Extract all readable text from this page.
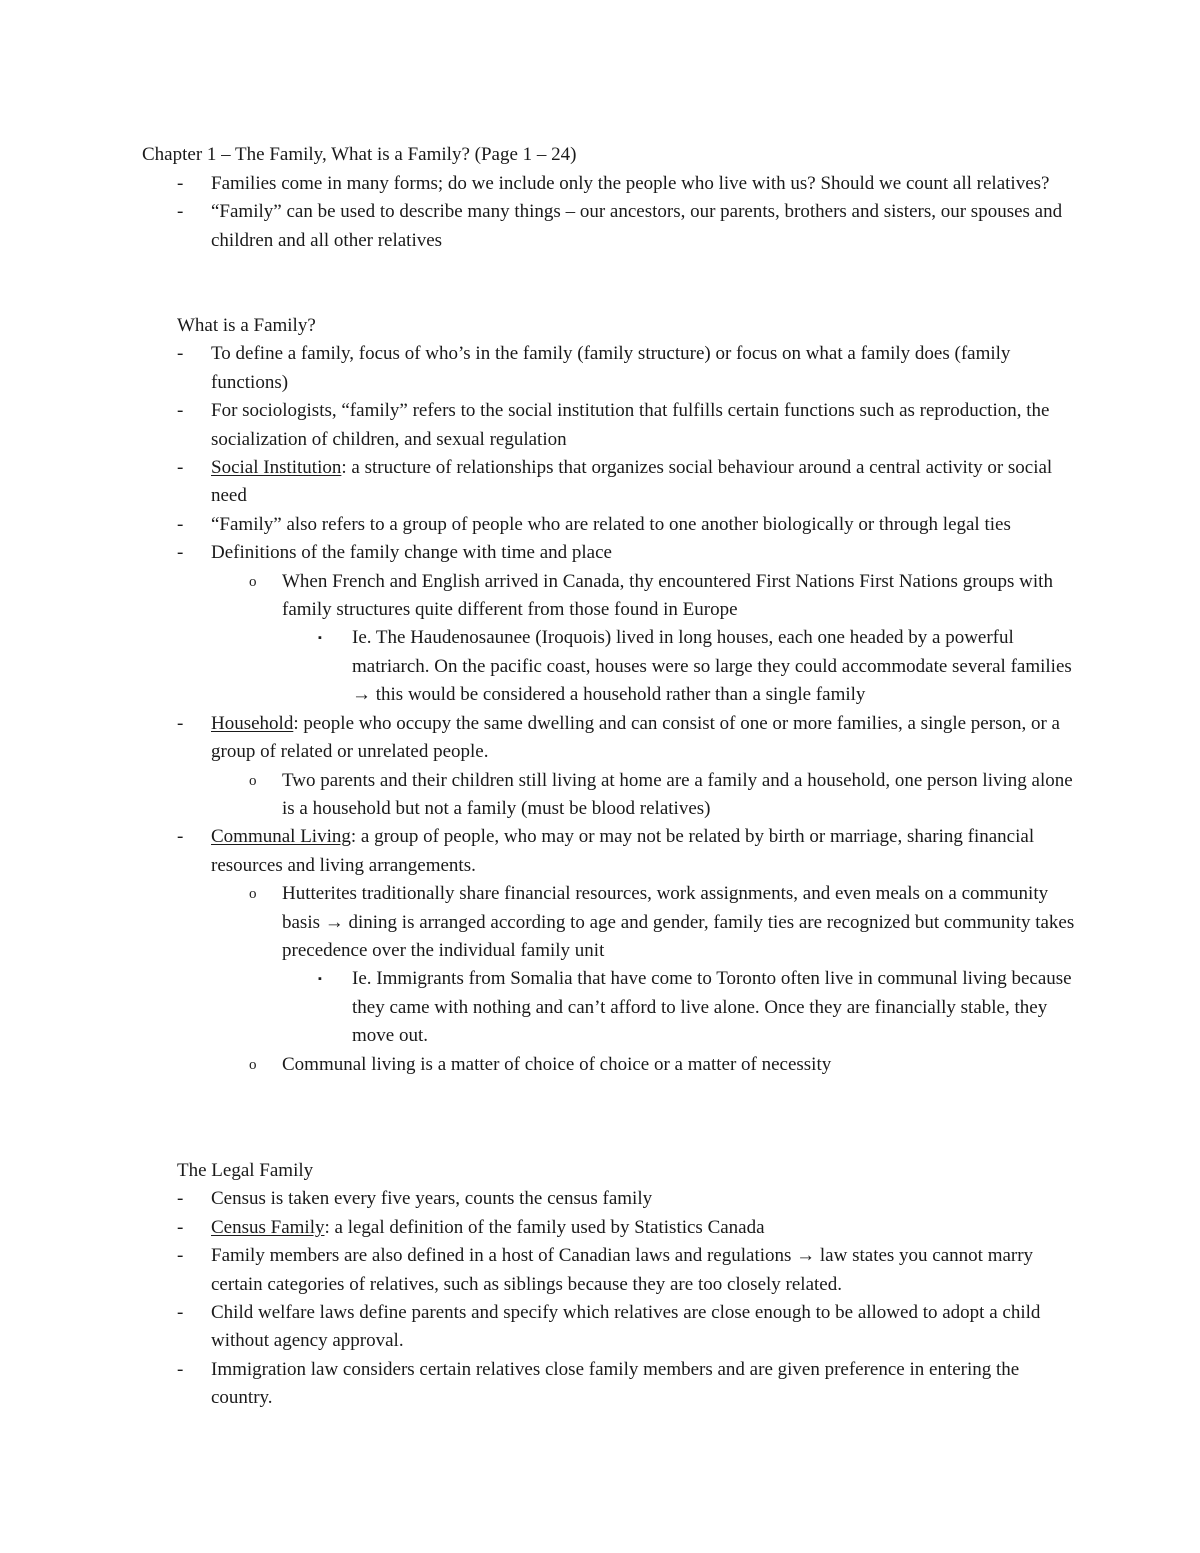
Chapter 1 – The Family, What is a Family? (Page 1 – 24)
- Families come in many forms; do we include only the people who live with us? Should we count all relatives?
- “Family” can be used to describe many things – our ancestors, our parents, brothers and sisters, our spouses and children and all other relatives
What is a Family?
- To define a family, focus of who’s in the family (family structure) or focus on what a family does (family functions)
- For sociologists, “family” refers to the social institution that fulfills certain functions such as reproduction, the socialization of children, and sexual regulation
- Social Institution: a structure of relationships that organizes social behaviour around a central activity or social need
- “Family” also refers to a group of people who are related to one another biologically or through legal ties
- Definitions of the family change with time and place
o When French and English arrived in Canada, thy encountered First Nations First Nations groups with family structures quite different from those found in Europe
▪ Ie. The Haudenosaunee (Iroquois) lived in long houses, each one headed by a powerful matriarch. On the pacific coast, houses were so large they could accommodate several families → this would be considered a household rather than a single family
- Household: people who occupy the same dwelling and can consist of one or more families, a single person, or a group of related or unrelated people.
o Two parents and their children still living at home are a family and a household, one person living alone is a household but not a family (must be blood relatives)
- Communal Living: a group of people, who may or may not be related by birth or marriage, sharing financial resources and living arrangements.
o Hutterites traditionally share financial resources, work assignments, and even meals on a community basis → dining is arranged according to age and gender, family ties are recognized but community takes precedence over the individual family unit
▪ Ie. Immigrants from Somalia that have come to Toronto often live in communal living because they came with nothing and can’t afford to live alone. Once they are financially stable, they move out.
o Communal living is a matter of choice of choice or a matter of necessity
The Legal Family
- Census is taken every five years, counts the census family
- Census Family: a legal definition of the family used by Statistics Canada
- Family members are also defined in a host of Canadian laws and regulations → law states you cannot marry certain categories of relatives, such as siblings because they are too closely related.
- Child welfare laws define parents and specify which relatives are close enough to be allowed to adopt a child without agency approval.
- Immigration law considers certain relatives close family members and are given preference in entering the country.
